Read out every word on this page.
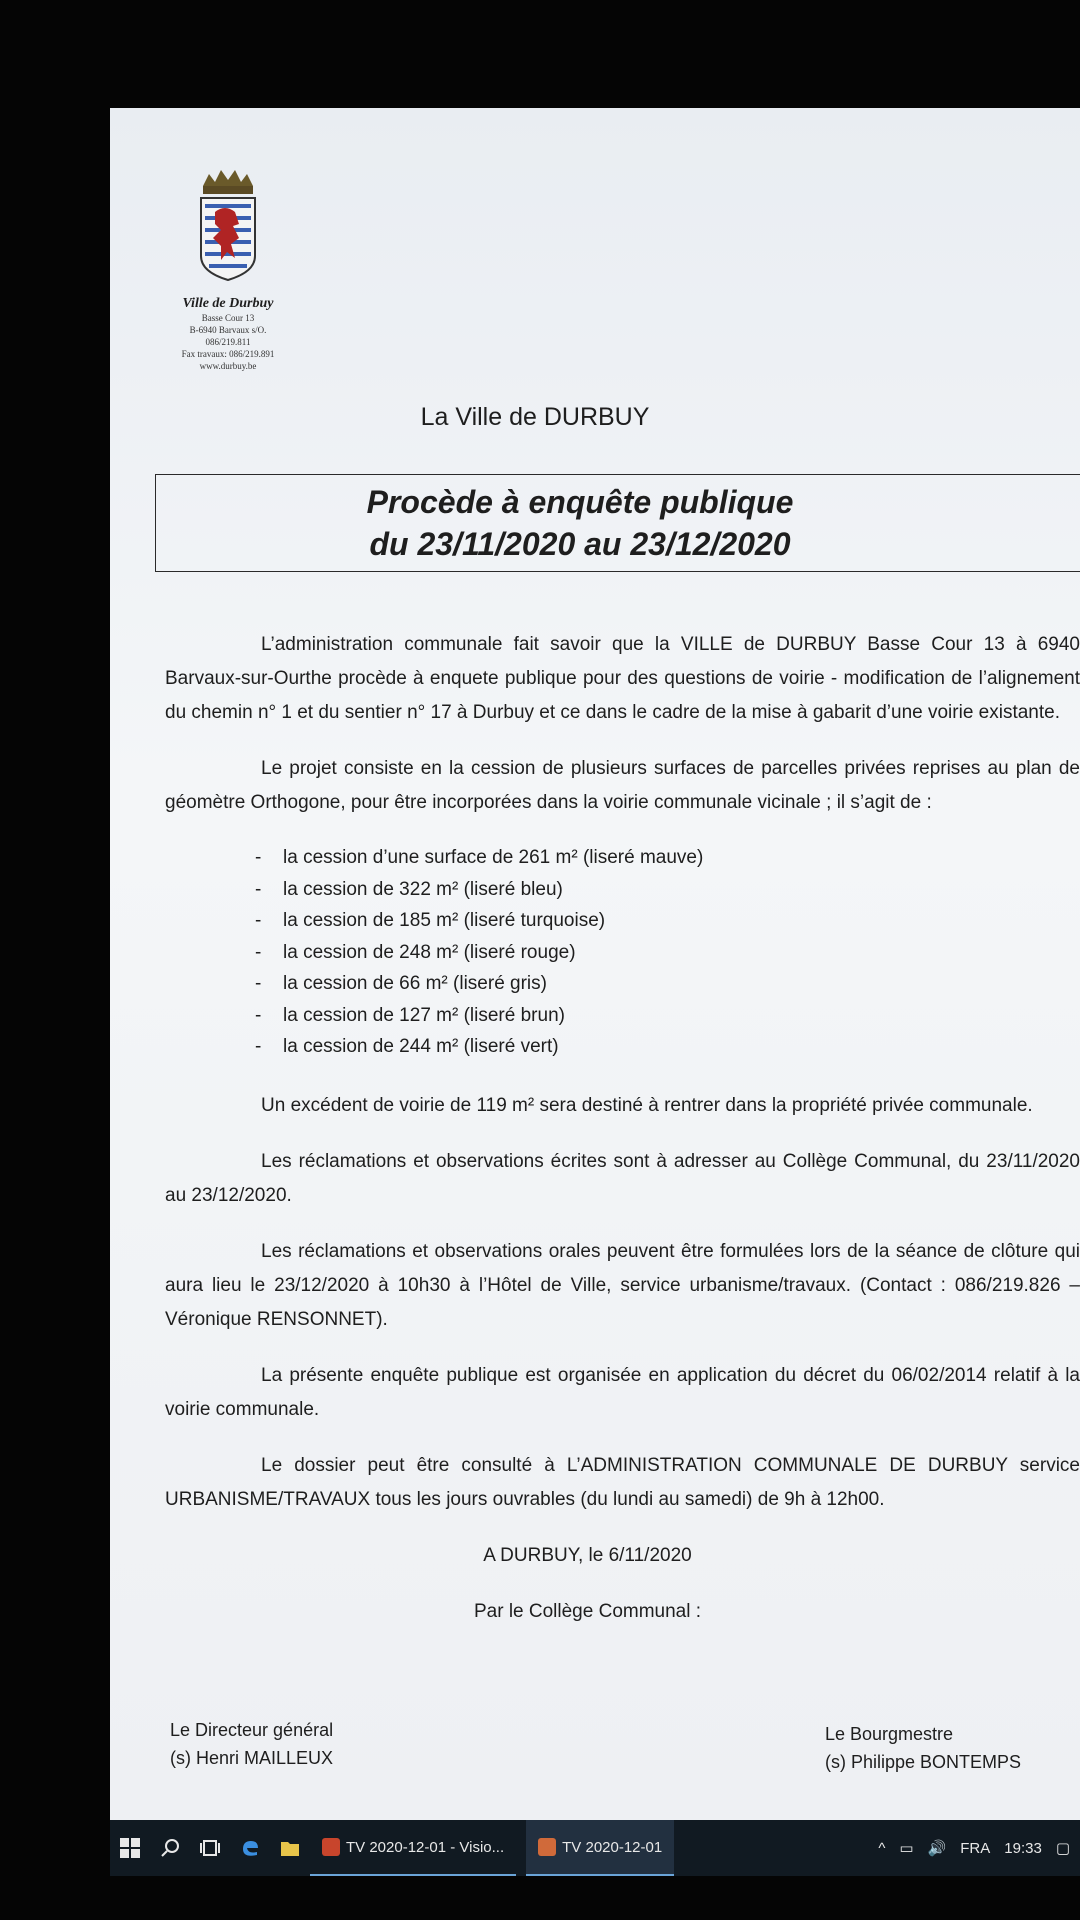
Ville de Durbuy
Basse Cour 13
B-6940 Barvaux s/O.
086/219.811
Fax travaux: 086/219.891
www.durbuy.be
La Ville de DURBUY
Procède à enquête publique
du 23/11/2020 au 23/12/2020

L’administration communale fait savoir que la VILLE de DURBUY Basse Cour 13 à 6940 Barvaux-sur-Ourthe procède à enquete publique pour des questions de voirie - modification de l’alignement du chemin n° 1 et du sentier n° 17 à Durbuy et ce dans le cadre de la mise à gabarit d’une voirie existante.

Le projet consiste en la cession de plusieurs surfaces de parcelles privées reprises au plan de géomètre Orthogone, pour être incorporées dans la voirie communale vicinale ; il s’agit de :

- la cession d’une surface de 261 m² (liseré mauve)
- la cession de 322 m² (liseré bleu)
- la cession de 185 m² (liseré turquoise)
- la cession de 248 m² (liseré rouge)
- la cession de 66 m² (liseré gris)
- la cession de 127 m² (liseré brun)
- la cession de 244 m² (liseré vert)

Un excédent de voirie de 119 m² sera destiné à rentrer dans la propriété privée communale.

Les réclamations et observations écrites sont à adresser au Collège Communal, du 23/11/2020 au 23/12/2020.

Les réclamations et observations orales peuvent être formulées lors de la séance de clôture qui aura lieu le 23/12/2020 à 10h30 à l’Hôtel de Ville, service urbanisme/travaux. (Contact : 086/219.826 – Véronique RENSONNET).

La présente enquête publique est organisée en application du décret du 06/02/2014 relatif à la voirie communale.

Le dossier peut être consulté à L’ADMINISTRATION COMMUNALE DE DURBUY service URBANISME/TRAVAUX tous les jours ouvrables (du lundi au samedi) de 9h à 12h00.

A DURBUY, le 6/11/2020

Par le Collège Communal :

Le Directeur général
(s) Henri MAILLEUX
Le Bourgmestre
(s) Philippe BONTEMPS
TV 2020-12-01 - Visio...	TV 2020-12-01	^ ▭ 🔊 FRA 19:33 ▢
